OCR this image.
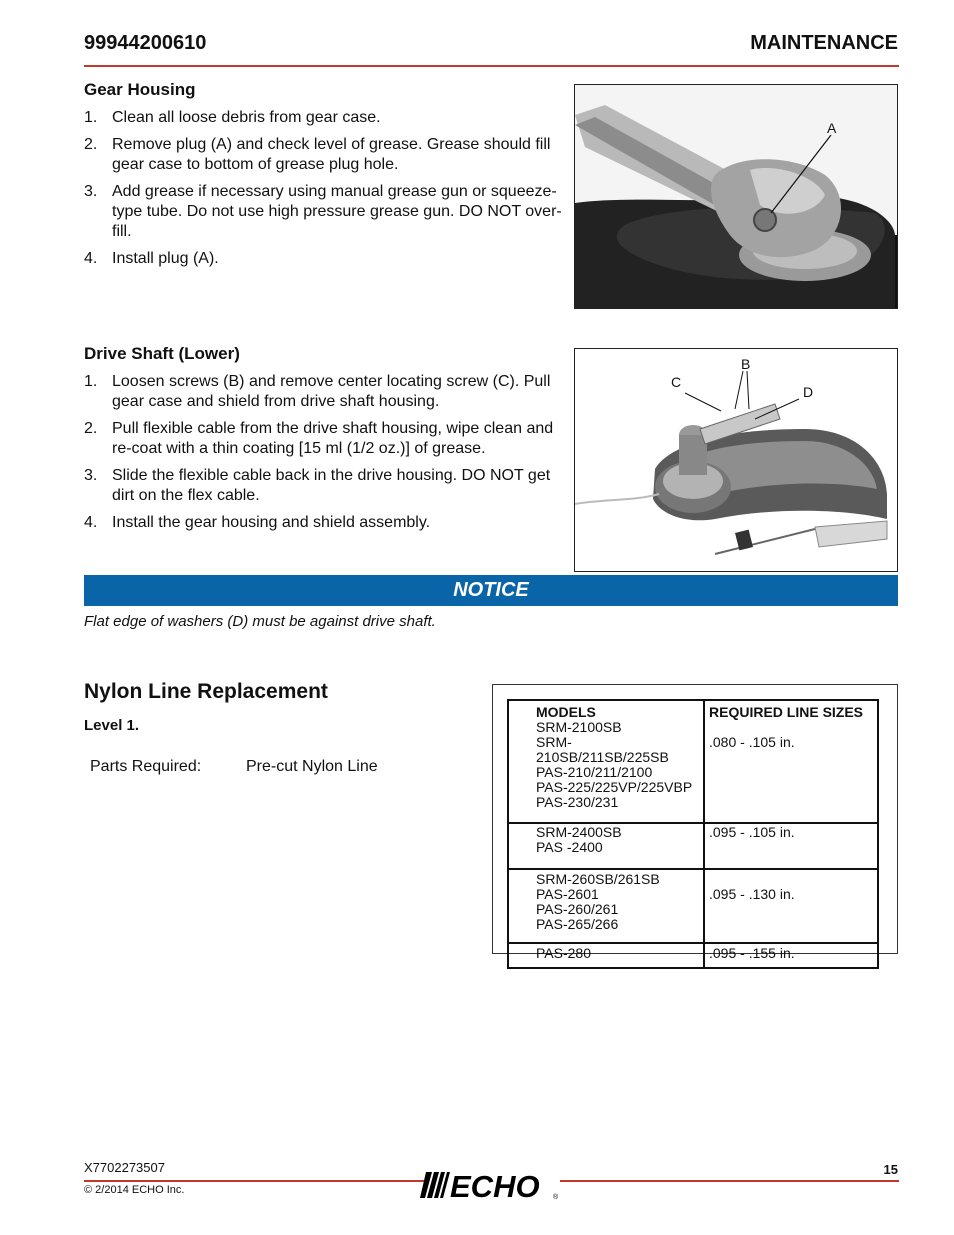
99944200610	MAINTENANCE
Gear Housing
1. Clean all loose debris from gear case.
2. Remove plug (A) and check level of grease. Grease should fill gear case to bottom of grease plug hole.
3. Add grease if necessary using manual grease gun or squeeze-type tube. Do not use high pressure grease gun. DO NOT over-fill.
4. Install plug (A).
A
Drive Shaft (Lower)
1. Loosen screws (B) and remove center locating screw (C). Pull gear case and shield from drive shaft housing.
2. Pull flexible cable from the drive shaft housing, wipe clean and re-coat with a thin coating [15 ml (1/2 oz.)] of grease.
3. Slide the flexible cable back in the drive housing. DO NOT get dirt on the flex cable.
4. Install the gear housing and shield assembly.
B
C
D
NOTICE
Flat edge of washers (D) must be against drive shaft.
Nylon Line Replacement
Level 1.
Parts Required:	Pre-cut Nylon Line
MODELS	REQUIRED LINE SIZES

SRM-2100SB
SRM-210SB/211SB/225SB
PAS-210/211/2100
PAS-225/225VP/225VBP
PAS-230/231	.080 - .105 in.

SRM-2400SB
PAS -2400	.095 - .105 in.

SRM-260SB/261SB
PAS-2601
PAS-260/261
PAS-265/266	.095 - .130 in.

PAS-280	.095 - .155 in.
X7702273507
© 2/2014 ECHO Inc.
15
ECHO ®
